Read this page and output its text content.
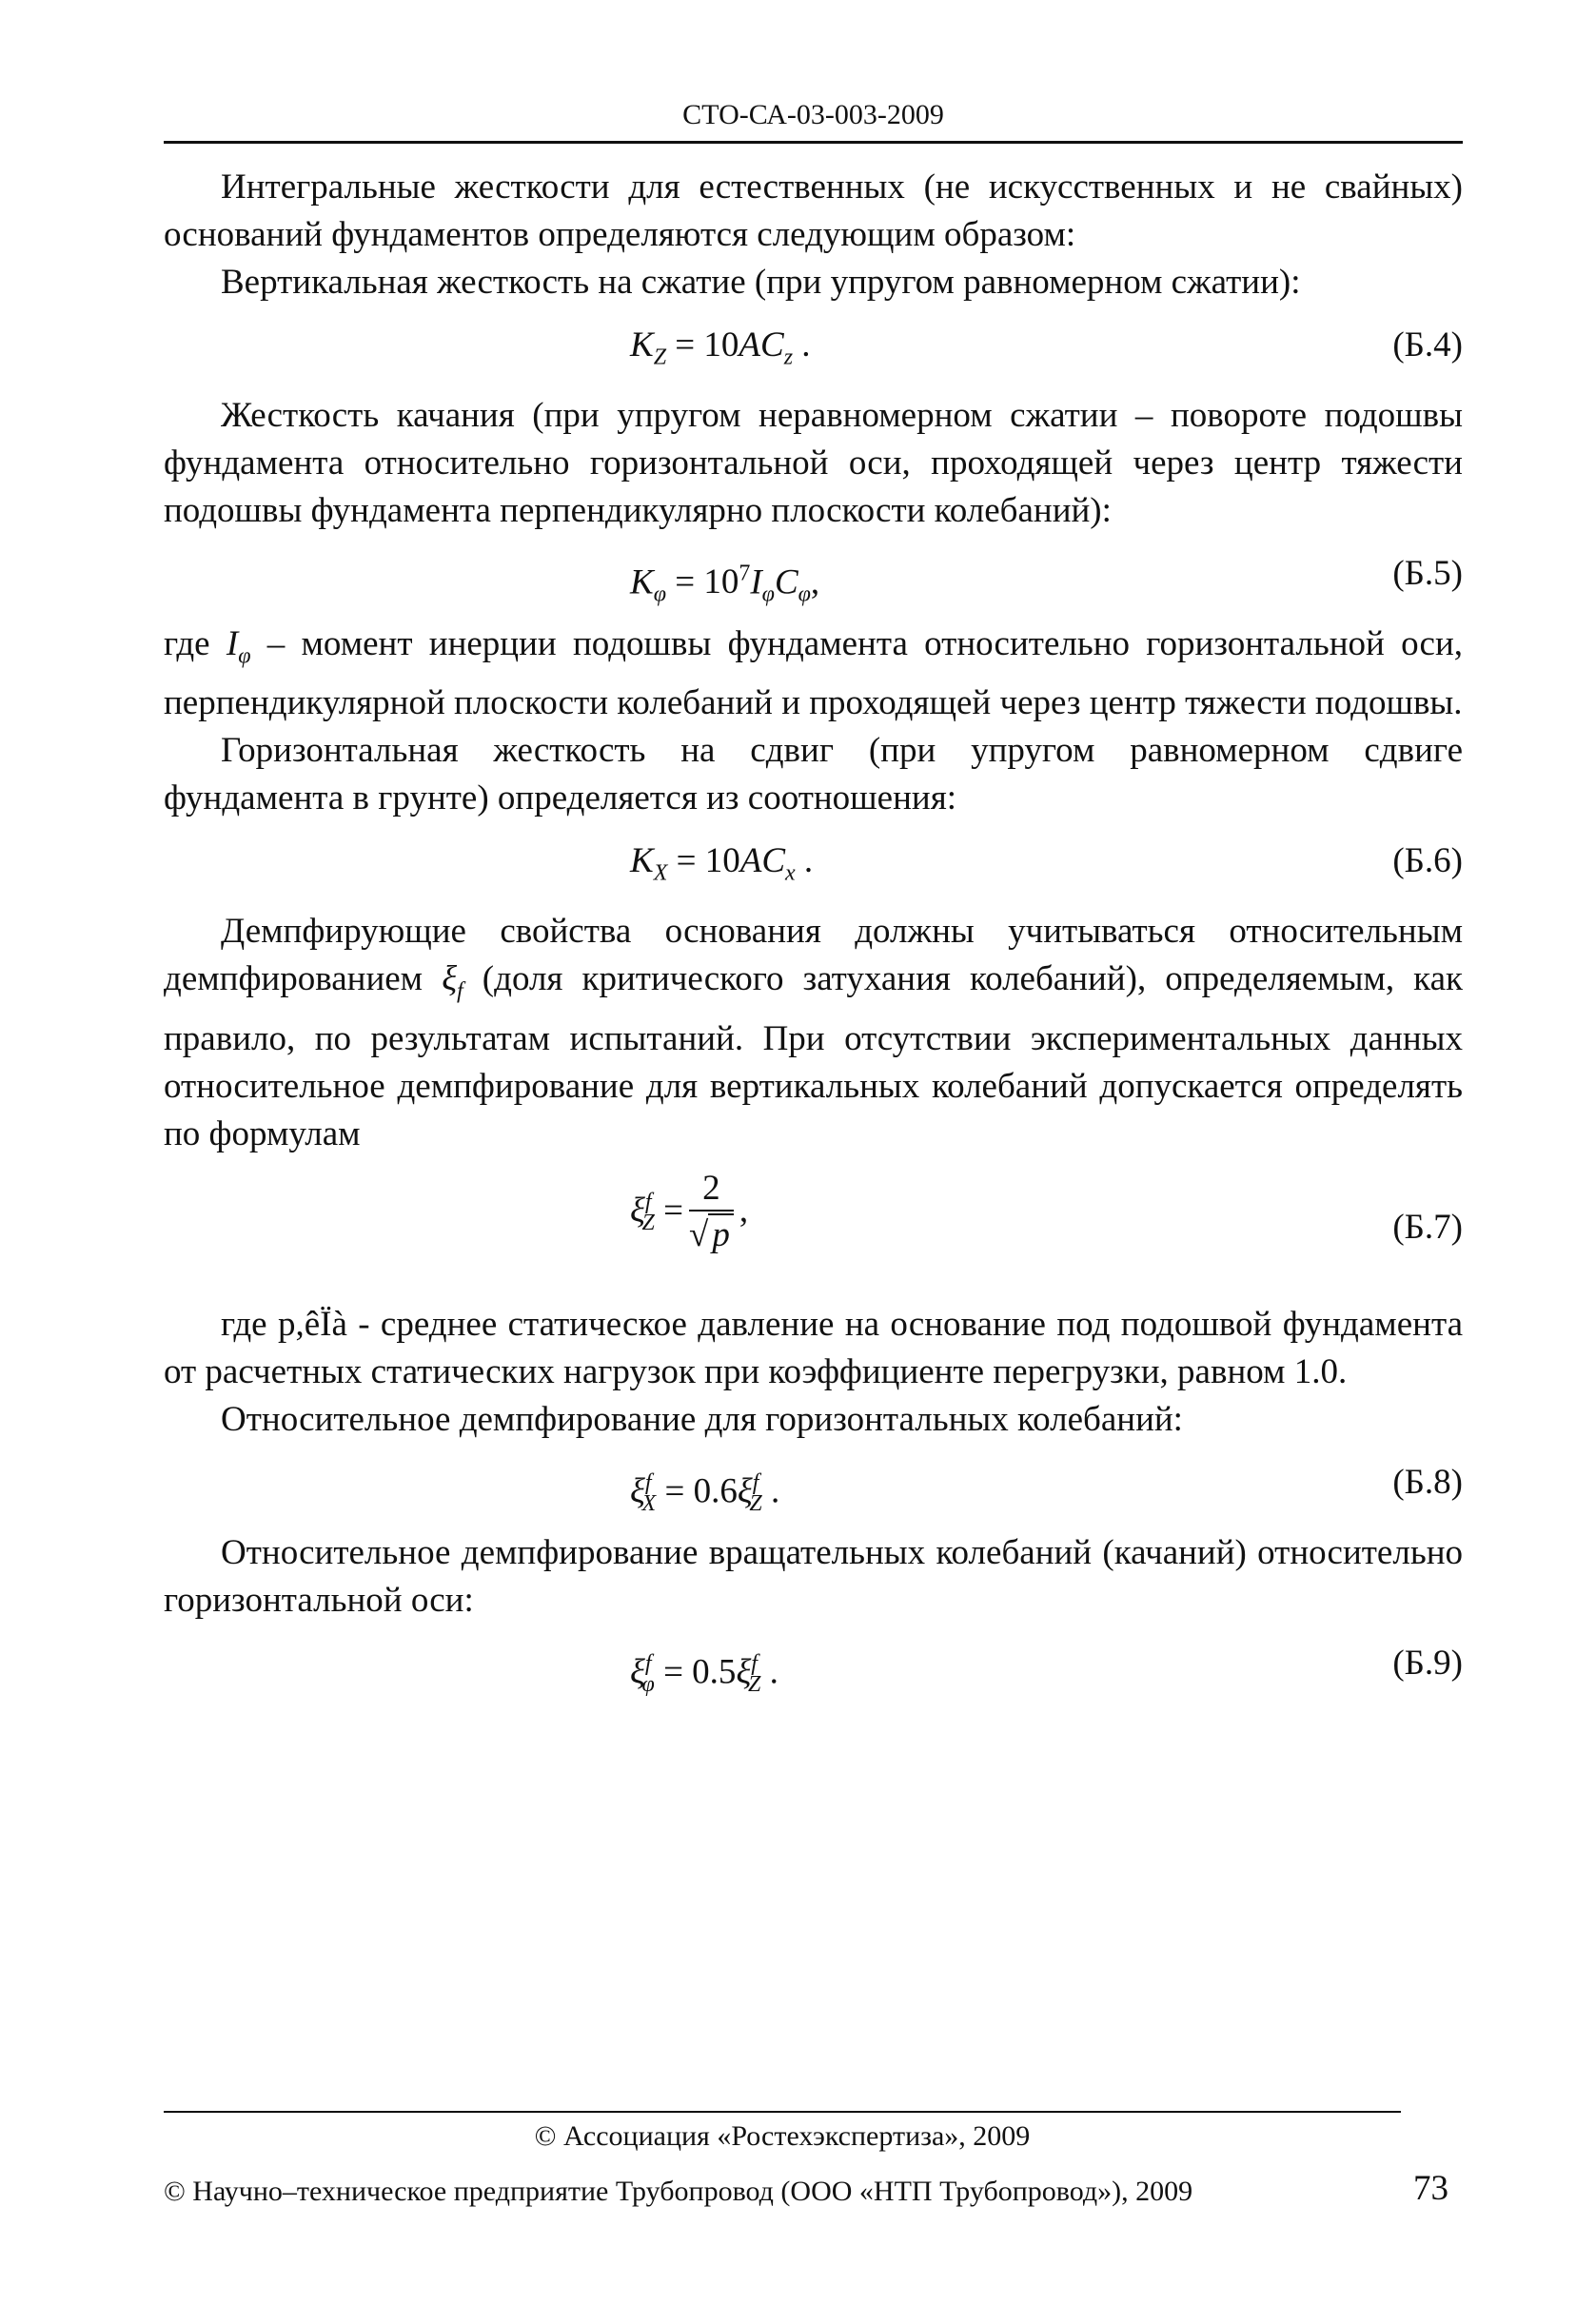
СТО-СА-03-003-2009

Интегральные жесткости для естественных (не искусственных и не свайных) оснований фундаментов определяются следующим образом:

Вертикальная жесткость на сжатие (при упругом равномерном сжатии):

$K_Z = 10AC_z$ .	(Б.4)

Жесткость качания (при упругом неравномерном сжатии – повороте подошвы фундамента относительно горизонтальной оси, проходящей через центр тяжести подошвы фундамента перпендикулярно плоскости колебаний):

$K_\varphi = 10^7I_\varphi C_\varphi$,	(Б.5)

где $I_\varphi$ – момент инерции подошвы фундамента относительно горизонтальной оси, перпендикулярной плоскости колебаний и проходящей через центр тяжести подошвы.

Горизонтальная жесткость на сдвиг (при упругом равномерном сдвиге фундамента в грунте) определяется из соотношения:

$K_X = 10AC_x$ .	(Б.6)

Демпфирующие свойства основания должны учитываться относительным демпфированием $\xi_f$ (доля критического затухания колебаний), определяемым, как правило, по результатам испытаний. При отсутствии экспериментальных данных относительное демпфирование для вертикальных колебаний допускается определять по формулам

$\xi^f_Z = \frac{2}{√ p}$ ,	(Б.7)

где p,êÏà - среднее статическое давление на основание под подошвой фундамента от расчетных статических нагрузок при коэффициенте перегрузки, равном 1.0.

Относительное демпфирование для горизонтальных колебаний:

$\xi^f_X = 0.6\xi^f_Z$ .	(Б.8)

Относительное демпфирование вращательных колебаний (качаний) относительно горизонтальной оси:

$\xi^f_\varphi = 0.5\xi^f_Z$ .	(Б.9)
© Ассоциация «Ростехэкспертиза», 2009
© Научно–техническое предприятие Трубопровод (ООО «НТП Трубопровод»), 2009	73
